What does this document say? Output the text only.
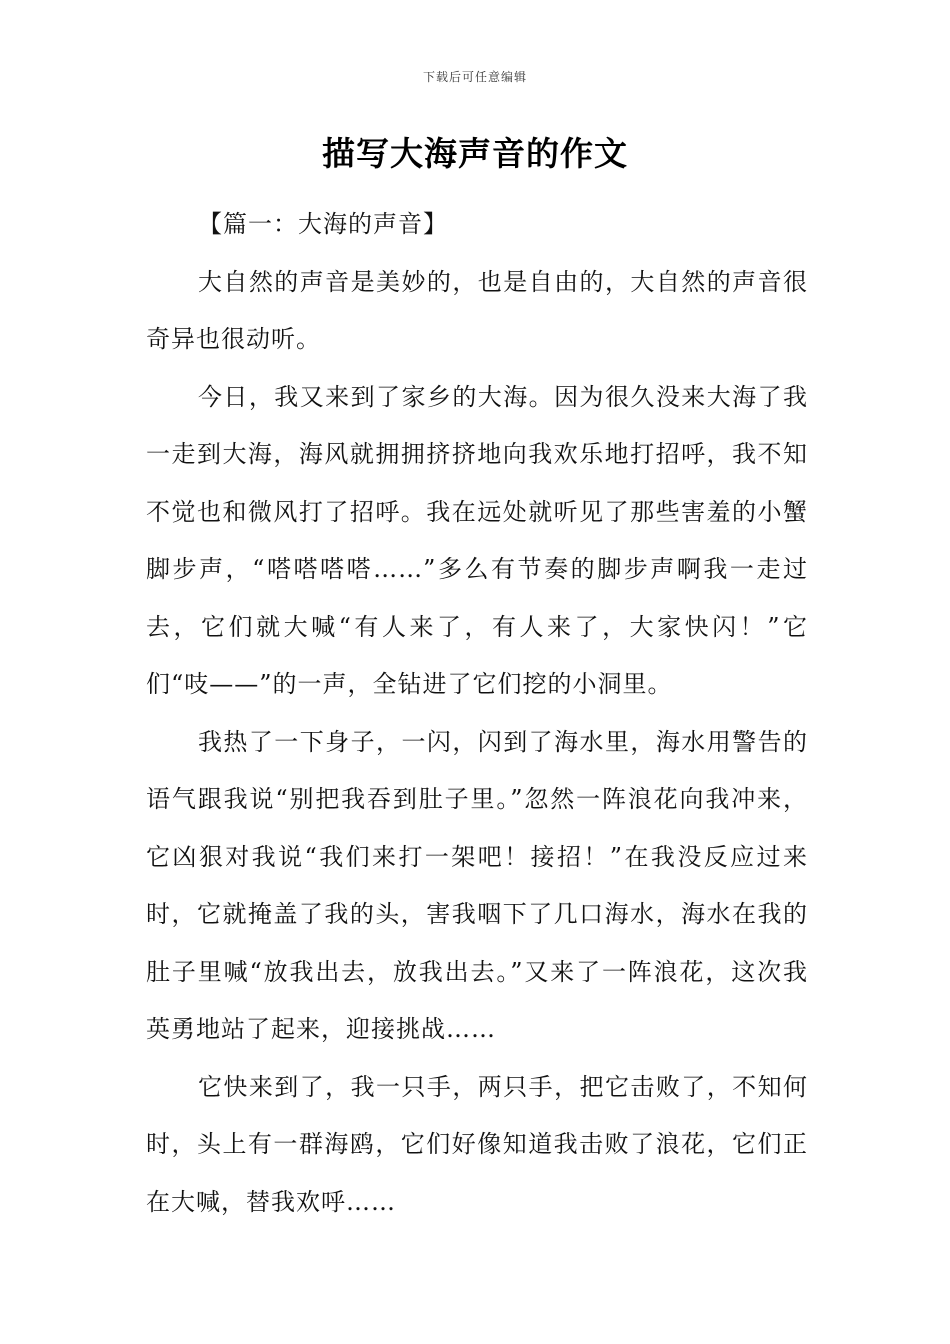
下载后可任意编辑
描写大海声音的作文

【篇一：大海的声音】

大自然的声音是美妙的，也是自由的，大自然的声音很奇异也很动听。

今日，我又来到了家乡的大海。因为很久没来大海了我一走到大海，海风就拥拥挤挤地向我欢乐地打招呼，我不知不觉也和微风打了招呼。我在远处就听见了那些害羞的小蟹脚步声，“嗒嗒嗒嗒……”多么有节奏的脚步声啊我一走过去，它们就大喊“有人来了，有人来了，大家快闪！”它们“吱——”的一声，全钻进了它们挖的小洞里。

我热了一下身子，一闪，闪到了海水里，海水用警告的语气跟我说“别把我吞到肚子里。”忽然一阵浪花向我冲来，它凶狠对我说“我们来打一架吧！接招！”在我没反应过来时，它就掩盖了我的头，害我咽下了几口海水，海水在我的肚子里喊“放我出去，放我出去。”又来了一阵浪花，这次我英勇地站了起来，迎接挑战……

它快来到了，我一只手，两只手，把它击败了，不知何时，头上有一群海鸥，它们好像知道我击败了浪花，它们正在大喊，替我欢呼……
